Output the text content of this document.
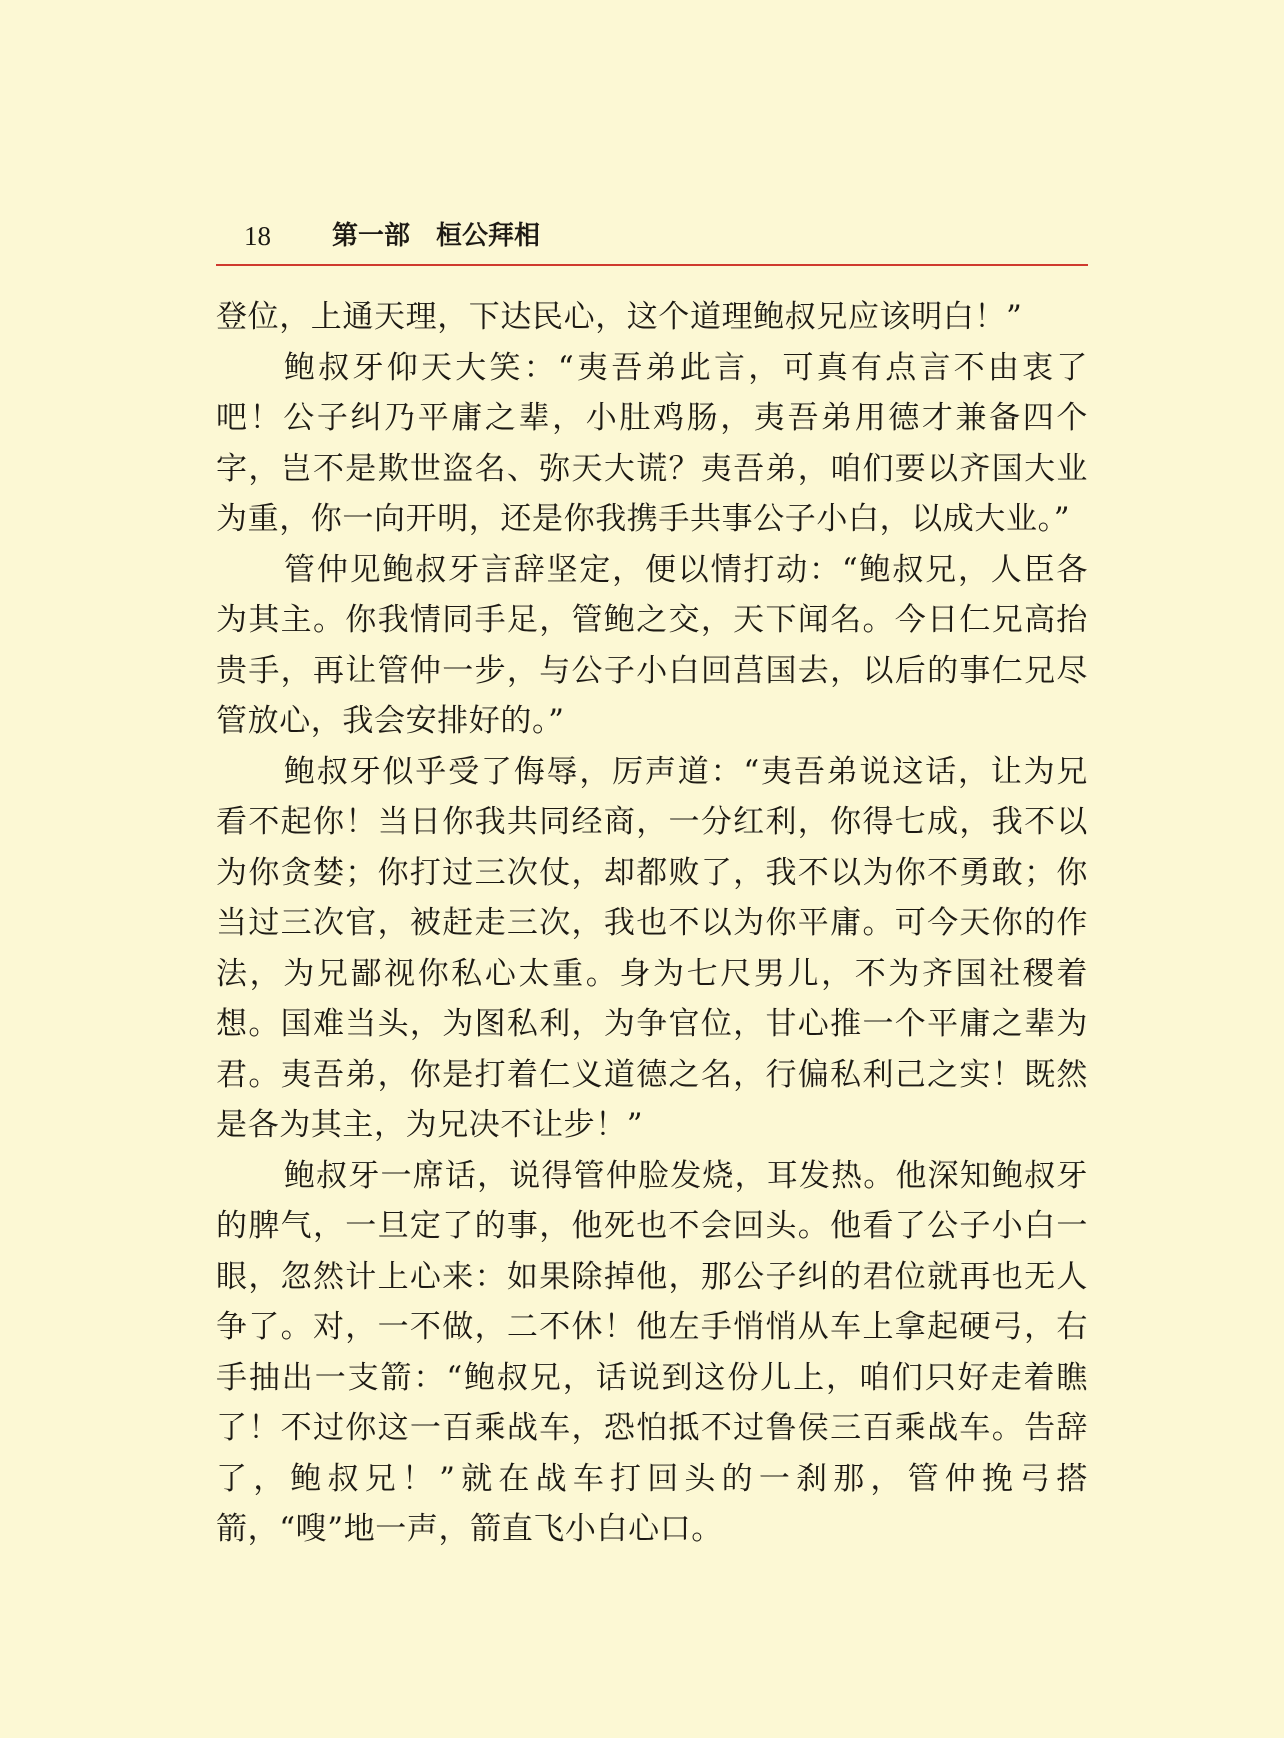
18 第一部　桓公拜相

登位，上通天理，下达民心，这个道理鲍叔兄应该明白！”

鲍叔牙仰天大笑：“夷吾弟此言，可真有点言不由衷了吧！公子纠乃平庸之辈，小肚鸡肠，夷吾弟用德才兼备四个字，岂不是欺世盗名、弥天大谎？夷吾弟，咱们要以齐国大业为重，你一向开明，还是你我携手共事公子小白，以成大业。”

管仲见鲍叔牙言辞坚定，便以情打动：“鲍叔兄，人臣各为其主。你我情同手足，管鲍之交，天下闻名。今日仁兄高抬贵手，再让管仲一步，与公子小白回莒国去，以后的事仁兄尽管放心，我会安排好的。”

鲍叔牙似乎受了侮辱，厉声道：“夷吾弟说这话，让为兄看不起你！当日你我共同经商，一分红利，你得七成，我不以为你贪婪；你打过三次仗，却都败了，我不以为你不勇敢；你当过三次官，被赶走三次，我也不以为你平庸。可今天你的作法，为兄鄙视你私心太重。身为七尺男儿，不为齐国社稷着想。国难当头，为图私利，为争官位，甘心推一个平庸之辈为君。夷吾弟，你是打着仁义道德之名，行偏私利己之实！既然是各为其主，为兄决不让步！”

鲍叔牙一席话，说得管仲脸发烧，耳发热。他深知鲍叔牙的脾气，一旦定了的事，他死也不会回头。他看了公子小白一眼，忽然计上心来：如果除掉他，那公子纠的君位就再也无人争了。对，一不做，二不休！他左手悄悄从车上拿起硬弓，右手抽出一支箭：“鲍叔兄，话说到这份儿上，咱们只好走着瞧了！不过你这一百乘战车，恐怕抵不过鲁侯三百乘战车。告辞了，鲍叔兄！”就在战车打回头的一刹那，管仲挽弓搭箭，“嗖”地一声，箭直飞小白心口。
